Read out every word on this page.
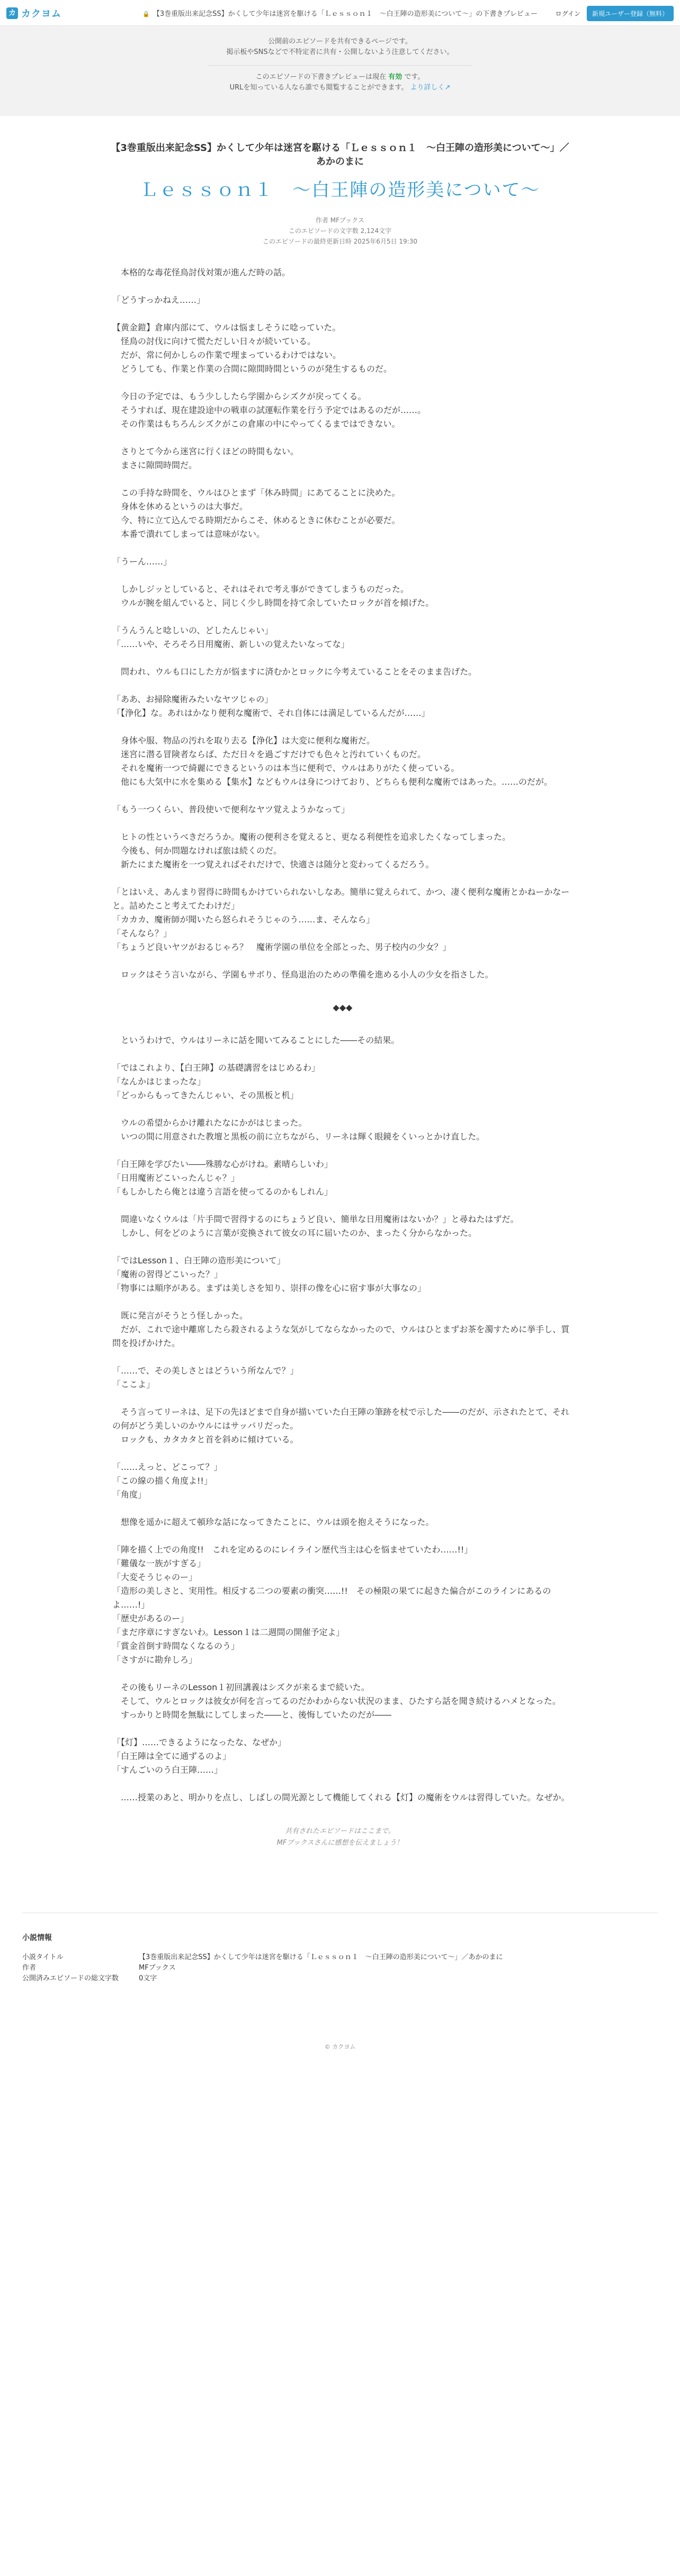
カ カクヨム	🔒 【3巻重版出来記念SS】かくして少年は迷宮を駆ける「Ｌｅｓｓｏｎ１　～白王陣の造形美について～」の下書きプレビュー	ログイン	新規ユーザー登録（無料）

公開前のエピソードを共有できるページです。

掲示板やSNSなどで不特定者に共有・公開しないよう注意してください。

このエピソードの下書きプレビューは現在 有効 です。

URLを知っている人なら誰でも閲覧することができます。 より詳しく↗

【3巻重版出来記念SS】かくして少年は迷宮を駆ける「Ｌｅｓｓｏｎ１　～白王陣の造形美について～」／あかのまに
Ｌｅｓｓｏｎ１　～白王陣の造形美について～
作者 MFブックス
このエピソードの文字数 2,124文字
このエピソードの最終更新日時 2025年6月5日 19:30

　本格的な毒花怪鳥討伐対策が進んだ時の話。

「どうすっかねえ……」

【黄金鎧】倉庫内部にて、ウルは悩ましそうに唸っていた。

　怪鳥の討伐に向けて慌ただしい日々が続いている。

　だが、常に何かしらの作業で埋まっているわけではない。

　どうしても、作業と作業の合間に隙間時間というのが発生するものだ。

　今日の予定では、もう少ししたら学園からシズクが戻ってくる。

　そうすれば、現在建設途中の戦車の試運転作業を行う予定ではあるのだが……。

　その作業はもちろんシズクがこの倉庫の中にやってくるまではできない。

　さりとて今から迷宮に行くほどの時間もない。

　まさに隙間時間だ。

　この手持な時間を、ウルはひとまず「休み時間」にあてることに決めた。

　身体を休めるというのは大事だ。

　今、特に立て込んでる時期だからこそ、休めるときに休むことが必要だ。

　本番で潰れてしまっては意味がない。

「うーん……」

　しかしジッとしていると、それはそれで考え事ができてしまうものだった。

　ウルが腕を組んでいると、同じく少し時間を持て余していたロックが首を傾げた。

「うんうんと唸しいの、どしたんじゃい」

「……いや、そろそろ日用魔術、新しいの覚えたいなってな」

　問われ、ウルも口にした方が悩ますに済むかとロックに今考えていることをそのまま告げた。

「ああ、お掃除魔術みたいなヤツじゃの」

「【浄化】な。あれはかなり便利な魔術で、それ自体には満足しているんだが……」

　身体や服、物品の汚れを取り去る【浄化】は大変に便利な魔術だ。

　迷宮に潜る冒険者ならば、ただ日々を過ごすだけでも色々と汚れていくものだ。

　それを魔術一つで綺麗にできるというのは本当に便利で、ウルはありがたく使っている。

　他にも大気中に水を集める【集水】などもウルは身につけており、どちらも便利な魔術ではあった。……のだが。

「もう一つくらい、普段使いで便利なヤツ覚えようかなって」

　ヒトの性というべきだろうか。魔術の便利さを覚えると、更なる利便性を追求したくなってしまった。

　今後も、何か問題なければ旅は続くのだ。

　新たにまた魔術を一つ覚えればそれだけで、快適さは随分と変わってくるだろう。

「とはいえ、あんまり習得に時間もかけていられないしなあ。簡単に覚えられて、かつ、凄く便利な魔術とかねーかなーと。詰めたこと考えてたわけだ」

「カカカ、魔術師が聞いたら怒られそうじゃのう……ま、そんなら」

「そんなら？」

「ちょうど良いヤツがおるじゃろ？　魔術学園の単位を全部とった、男子校内の少女？」

　ロックはそう言いながら、学園もサボり、怪鳥退治のための準備を進める小人の少女を指さした。

◆◆◆

　というわけで、ウルはリーネに話を聞いてみることにした――その結果。

「ではこれより、【白王陣】の基礎講習をはじめるわ」

「なんかはじまったな」

「どっからもってきたんじゃい、その黒板と机」

　ウルの希望からかけ離れたなにかがはじまった。

　いつの間に用意された教壇と黒板の前に立ちながら、リーネは輝く眼鏡をくいっとかけ直した。

「白王陣を学びたい――殊勝な心がけね。素晴らしいわ」

「日用魔術どこいったんじゃ？」

「もしかしたら俺とは違う言語を使ってるのかもしれん」

　間違いなくウルは「片手間で習得するのにちょうど良い、簡単な日用魔術はないか？」と尋ねたはずだ。

　しかし、何をどのように言葉が変換されて彼女の耳に届いたのか、まったく分からなかった。

「ではLesson１、白王陣の造形美について」

「魔術の習得どこいった？」

「物事には順序がある。まずは美しさを知り、崇拝の像を心に宿す事が大事なの」

　既に発言がそうとう怪しかった。

　だが、これで途中離席したら殺されるような気がしてならなかったので、ウルはひとまずお茶を濁すために挙手し、質問を投げかけた。

「……で、その美しさとはどういう所なんで？」

「ここよ」

　そう言ってリーネは、足下の先ほどまで自身が描いていた白王陣の筆跡を杖で示した――のだが、示されたとて、それの何がどう美しいのかウルにはサッパリだった。

　ロックも、カタカタと首を斜めに傾けている。

「……えっと、どこって？」

「この線の描く角度よ!!」

「角度」

　想像を遥かに超えて頓珍な話になってきたことに、ウルは頭を抱えそうになった。

「陣を描く上での角度!!　これを定めるのにレイライン歴代当主は心を悩ませていたわ……!!」

「難儀な一族がすぎる」

「大変そうじゃのー」

「造形の美しさと、実用性。相反する二つの要素の衝突……!!　その極限の果てに起きた偏合がこのラインにあるのよ……!」

「歴史があるのー」

「まだ序章にすぎないわ。Lesson１は二週間の開催予定よ」

「賞金首倒す時間なくなるのう」

「さすがに勘弁しろ」

　その後もリーネのLesson１初回講義はシズクが来るまで続いた。

　そして、ウルとロックは彼女が何を言ってるのだかわからない状況のまま、ひたすら話を聞き続けるハメとなった。

　すっかりと時間を無駄にしてしまった――と、後悔していたのだが――

「【灯】……できるようになったな、なぜか」

「白王陣は全てに通ずるのよ」

「すんごいのう白王陣……」

　……授業のあと、明かりを点し、しばしの間光源として機能してくれる【灯】の魔術をウルは習得していた。なぜか。

共有されたエピソードはここまで。
MFブックスさんに感想を伝えましょう！
小説情報
小説タイトル	【3巻重版出来記念SS】かくして少年は迷宮を駆ける「Ｌｅｓｓｏｎ１　～白王陣の造形美について～」／あかのまに
作者	MFブックス
公開済みエピソードの総文字数	0文字
© カクヨム
